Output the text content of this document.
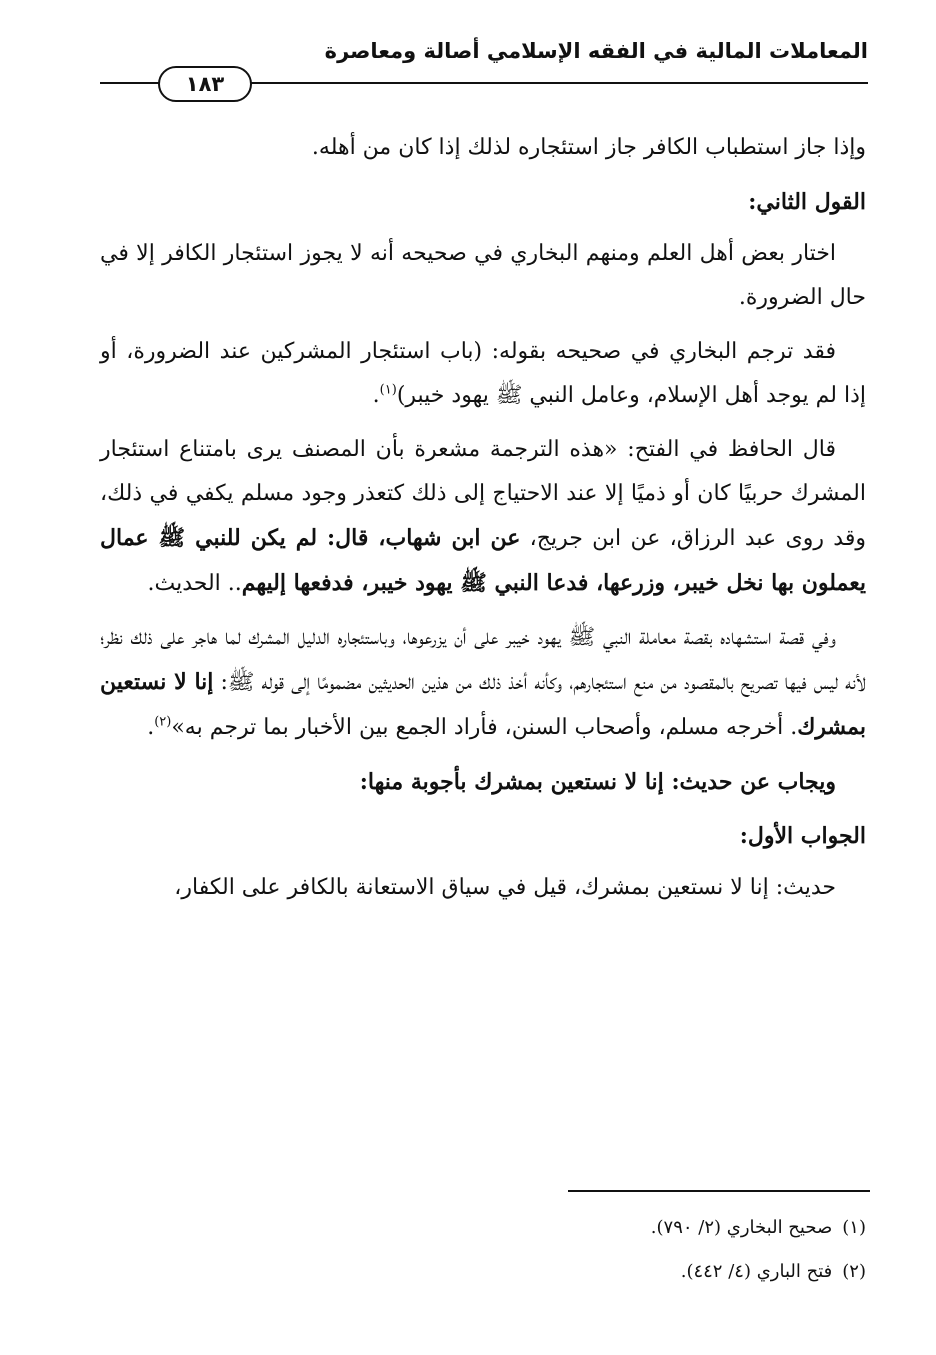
المعاملات المالية في الفقه الإسلامي أصالة ومعاصرة
١٨٣

وإذا جاز استطباب الكافر جاز استئجاره لذلك إذا كان من أهله.

القول الثاني:

اختار بعض أهل العلم ومنهم البخاري في صحيحه أنه لا يجوز استئجار الكافر إلا في حال الضرورة.

فقد ترجم البخاري في صحيحه بقوله: (باب استئجار المشركين عند الضرورة، أو إذا لم يوجد أهل الإسلام، وعامل النبي ﷺ يهود خيبر)$^{(١)}$.

قال الحافظ في الفتح: «هذه الترجمة مشعرة بأن المصنف يرى بامتناع استئجار المشرك حربيًا كان أو ذميًا إلا عند الاحتياج إلى ذلك كتعذر وجود مسلم يكفي في ذلك، وقد روى عبد الرزاق، عن ابن جريج، عن ابن شهاب، قال: لم يكن للنبي ﷺ عمال يعملون بها نخل خيبر، وزرعها، فدعا النبي ﷺ يهود خيبر، فدفعها إليهم.. الحديث.

وفي قصة استشهاده بقصة معاملة النبي ﷺ يهود خيبر على أن يزرعوها، وباستئجاره الدليل المشرك لما هاجر على ذلك نظر؛ لأنه ليس فيها تصريح بالمقصود من منع استئجارهم، وكأنه أخذ ذلك من هذين الحديثين مضمومًا إلى قوله ﷺ: إنا لا نستعين بمشرك. أخرجه مسلم، وأصحاب السنن، فأراد الجمع بين الأخبار بما ترجم به»$^{(٢)}$.

ويجاب عن حديث: إنا لا نستعين بمشرك بأجوبة منها:

الجواب الأول:

حديث: إنا لا نستعين بمشرك، قيل في سياق الاستعانة بالكافر على الكفار،

(١)صحيح البخاري (٢/ ٧٩٠).
(٢)فتح الباري (٤/ ٤٤٢).
